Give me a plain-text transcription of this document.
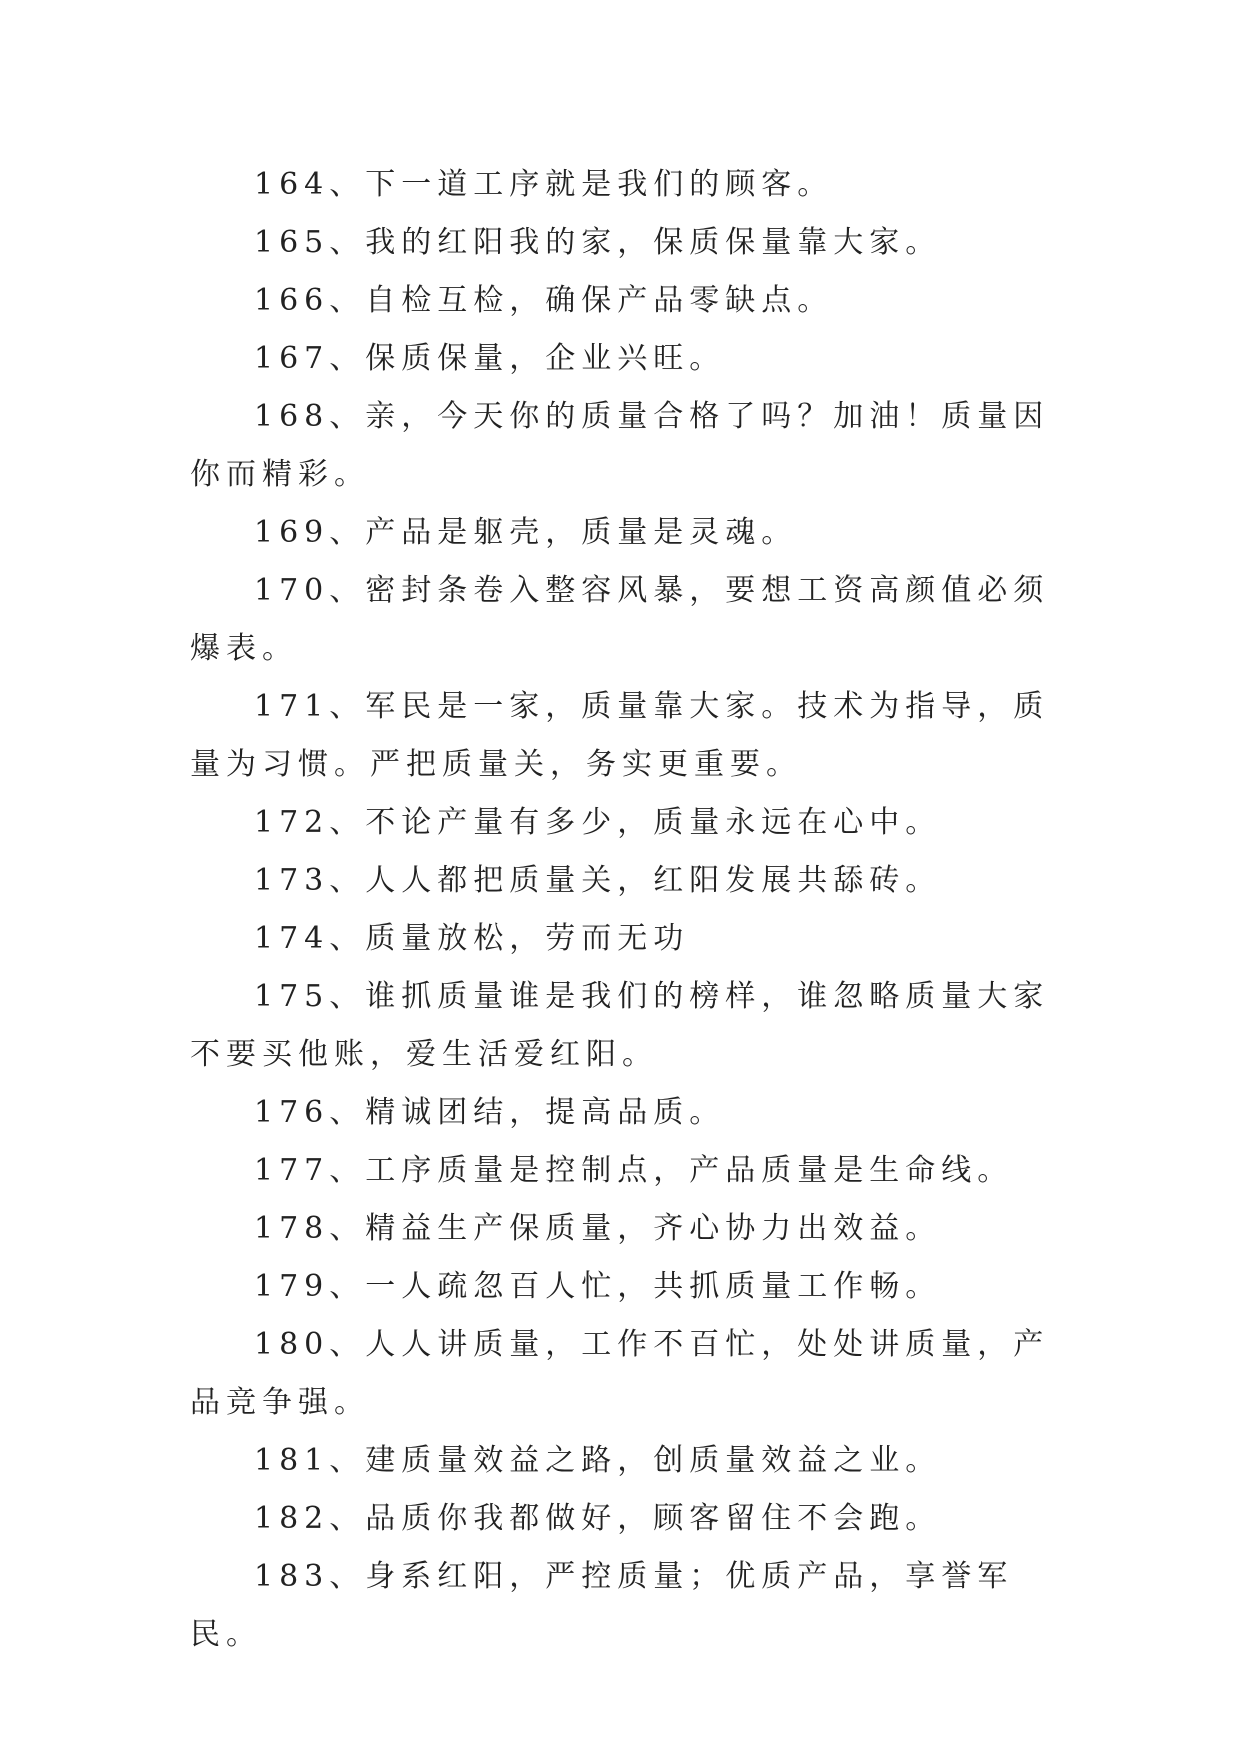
164、下一道工序就是我们的顾客。

165、我的红阳我的家，保质保量靠大家。

166、自检互检，确保产品零缺点。

167、保质保量，企业兴旺。

168、亲，今天你的质量合格了吗？加油！质量因你而精彩。

169、产品是躯壳，质量是灵魂。

170、密封条卷入整容风暴，要想工资高颜值必须爆表。

171、军民是一家，质量靠大家。技术为指导，质量为习惯。严把质量关，务实更重要。

172、不论产量有多少，质量永远在心中。

173、人人都把质量关，红阳发展共舔砖。

174、质量放松，劳而无功

175、谁抓质量谁是我们的榜样，谁忽略质量大家不要买他账，爱生活爱红阳。

176、精诚团结，提高品质。

177、工序质量是控制点，产品质量是生命线。

178、精益生产保质量，齐心协力出效益。

179、一人疏忽百人忙，共抓质量工作畅。

180、人人讲质量，工作不百忙，处处讲质量，产品竞争强。

181、建质量效益之路，创质量效益之业。

182、品质你我都做好，顾客留住不会跑。

183、身系红阳，严控质量；优质产品，享誉军民。
